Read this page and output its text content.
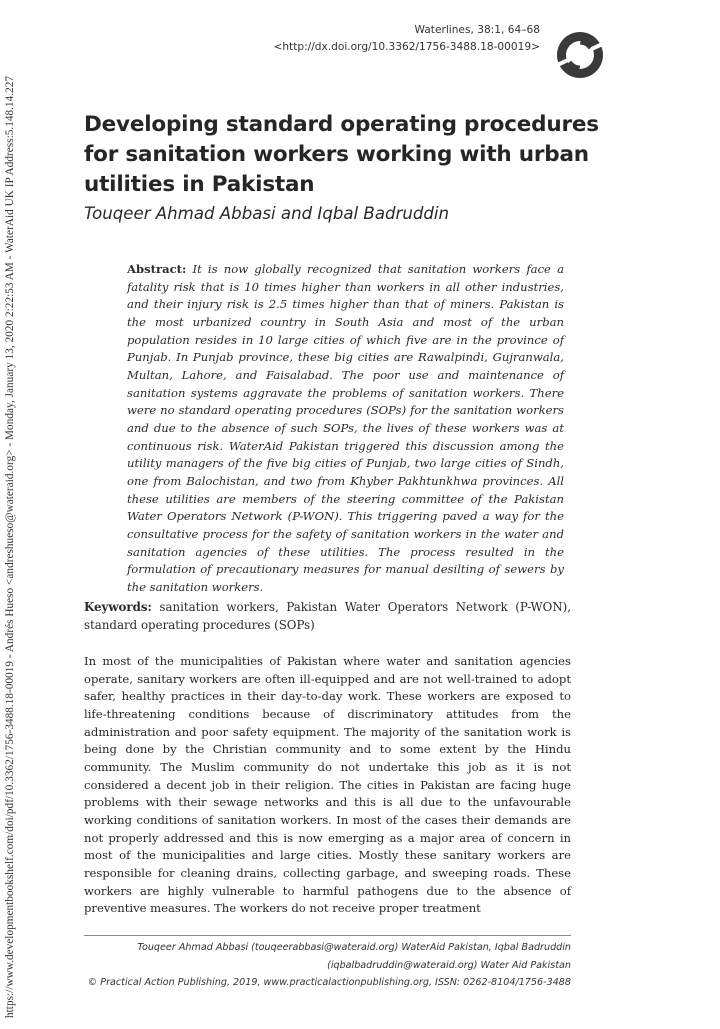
https://www.developmentbookshelf.com/doi/pdf/10.3362/1756-3488.18-00019 - Andrés Hueso <andreshueso@wateraid.org> - Monday, January 13, 2020 2:22:53 AM - WaterAid UK IP Address:5.148.14.227
Waterlines, 38:1, 64–68
<http://dx.doi.org/10.3362/1756-3488.18-00019>
Developing standard operating procedures for sanitation workers working with urban utilities in Pakistan
Touqeer Ahmad Abbasi and Iqbal Badruddin
Abstract: It is now globally recognized that sanitation workers face a fatality risk that is 10 times higher than workers in all other industries, and their injury risk is 2.5 times higher than that of miners. Pakistan is the most urbanized country in South Asia and most of the urban population resides in 10 large cities of which five are in the province of Punjab. In Punjab province, these big cities are Rawalpindi, Gujranwala, Multan, Lahore, and Faisalabad. The poor use and maintenance of sanitation systems aggravate the problems of sanitation workers. There were no standard operating procedures (SOPs) for the sanitation workers and due to the absence of such SOPs, the lives of these workers was at continuous risk. WaterAid Pakistan triggered this discussion among the utility managers of the five big cities of Punjab, two large cities of Sindh, one from Balochistan, and two from Khyber Pakhtunkhwa provinces. All these utilities are members of the steering committee of the Pakistan Water Operators Network (P-WON). This triggering paved a way for the consultative process for the safety of sanitation workers in the water and sanitation agencies of these utilities. The process resulted in the formulation of precautionary measures for manual desilting of sewers by the sanitation workers.
Keywords: sanitation workers, Pakistan Water Operators Network (P-WON), standard operating procedures (SOPs)

In most of the municipalities of Pakistan where water and sanitation agencies operate, sanitary workers are often ill-equipped and are not well-trained to adopt safer, healthy practices in their day-to-day work. These workers are exposed to life-threatening conditions because of discriminatory attitudes from the administration and poor safety equipment. The majority of the sanitation work is being done by the Christian community and to some extent by the Hindu community. The Muslim community do not undertake this job as it is not considered a decent job in their religion. The cities in Pakistan are facing huge problems with their sewage networks and this is all due to the unfavourable working conditions of sanitation workers. In most of the cases their demands are not properly addressed and this is now emerging as a major area of concern in most of the municipalities and large cities. Mostly these sanitary workers are responsible for cleaning drains, collecting garbage, and sweeping roads. These workers are highly vulnerable to harmful pathogens due to the absence of preventive measures. The workers do not receive proper treatment

Touqeer Ahmad Abbasi (touqeerabbasi@wateraid.org) WaterAid Pakistan, Iqbal Badruddin
(iqbalbadruddin@wateraid.org) Water Aid Pakistan
© Practical Action Publishing, 2019, www.practicalactionpublishing.org, ISSN: 0262-8104/1756-3488
